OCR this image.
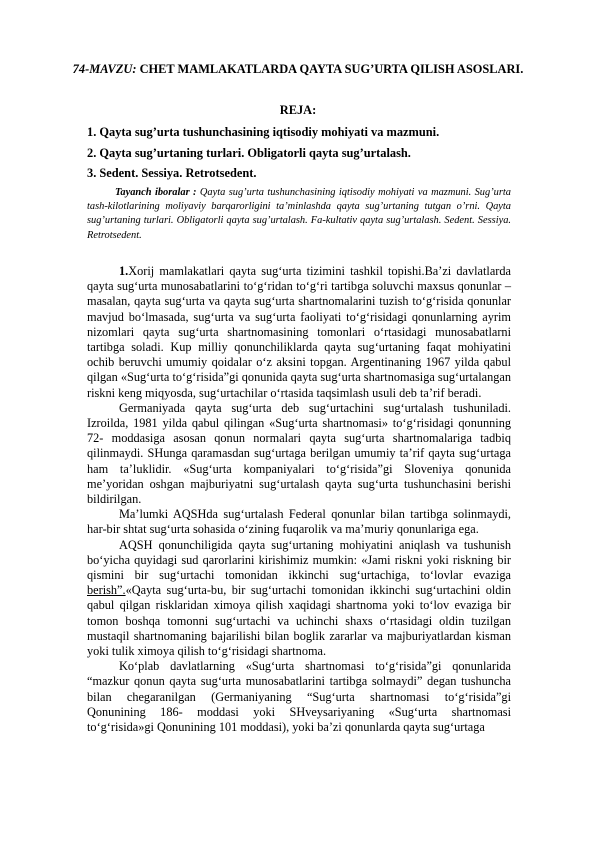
74-MAVZU: CHET MAMLAKATLARDA QAYTA SUG’URTA QILISH ASOSLARI.
REJA:
1. Qayta sug’urta tushunchasining iqtisodiy mohiyati va mazmuni.
2. Qayta sug’urtaning turlari. Obligatorli qayta sug’urtalash.
3. Sedent. Sessiya. Retrotsedent.

Tayanch iboralar : Qayta sug’urta tushunchasining iqtisodiy mohiyati va mazmuni. Sug’urta tash-kilotlarining moliyaviy barqarorligini ta’minlashda qayta sug’urtaning tutgan o’rni. Qayta sug’urtaning turlari. Obligatorli qayta sug’urtalash. Fa-kultativ qayta sug’urtalash. Sedent. Sessiya. Retrotsedent.

1.Xorij mamlakatlari qayta sug‘urta tizimini tashkil topishi.Ba’zi davlatlarda qayta sug‘urta munosabatlarini to‘g‘ridan to‘g‘ri tartibga soluvchi maxsus qonunlar – masalan, qayta sug‘urta va qayta sug‘urta shartnomalarini tuzish to‘g‘risida qonunlar mavjud bo‘lmasada, sug‘urta va sug‘urta faoliyati to‘g‘risidagi qonunlarning ayrim nizomlari qayta sug‘urta shartnomasining tomonlari o‘rtasidagi munosabatlarni tartibga soladi. Kup milliy qonunchiliklarda qayta sug‘urtaning faqat mohiyatini ochib beruvchi umumiy qoidalar o‘z aksini topgan. Argentinaning 1967 yilda qabul qilgan «Sug‘urta to‘g‘risida”gi qonunida qayta sug‘urta shartnomasiga sug‘urtalangan riskni keng miqyosda, sug‘urtachilar o‘rtasida taqsimlash usuli deb ta’rif beradi.

Germaniyada qayta sug‘urta deb sug‘urtachini sug‘urtalash tushuniladi. Izroilda, 1981 yilda qabul qilingan «Sug‘urta shartnomasi» to‘g‘risidagi qonunning 72- moddasiga asosan qonun normalari qayta sug‘urta shartnomalariga tadbiq qilinmaydi. SHunga qaramasdan sug‘urtaga berilgan umumiy ta’rif qayta sug‘urtaga ham ta’luklidir. «Sug‘urta kompaniyalari to‘g‘risida”gi Sloveniya qonunida me’yoridan oshgan majburiyatni sug‘urtalash qayta sug‘urta tushunchasini berishi bildirilgan.

Ma’lumki AQSHda sug‘urtalash Federal qonunlar bilan tartibga solinmaydi, har-bir shtat sug‘urta sohasida o‘zining fuqarolik va ma’muriy qonunlariga ega.

AQSH qonunchiligida qayta sug‘urtaning mohiyatini aniqlash va tushunish bo‘yicha quyidagi sud qarorlarini kirishimiz mumkin: «Jami riskni yoki riskning bir qismini bir sug‘urtachi tomonidan ikkinchi sug‘urtachiga, to‘lovlar evaziga berish”.«Qayta sug‘urta-bu, bir sug‘urtachi tomonidan ikkinchi sug‘urtachini oldin qabul qilgan risklaridan ximoya qilish xaqidagi shartnoma yoki to‘lov evaziga bir tomon boshqa tomonni sug‘urtachi va uchinchi shaxs o‘rtasidagi oldin tuzilgan mustaqil shartnomaning bajarilishi bilan boglik zararlar va majburiyatlardan kisman yoki tulik ximoya qilish to‘g‘risidagi shartnoma.

Ko‘plab davlatlarning «Sug‘urta shartnomasi to‘g‘risida”gi qonunlarida “mazkur qonun qayta sug‘urta munosabatlarini tartibga solmaydi” degan tushuncha bilan chegaranilgan (Germaniyaning “Sug‘urta shartnomasi to‘g‘risida”gi Qonunining 186- moddasi yoki SHveysariyaning «Sug‘urta shartnomasi to‘g‘risida»gi Qonunining 101 moddasi), yoki ba’zi qonunlarda qayta sug‘urtaga
